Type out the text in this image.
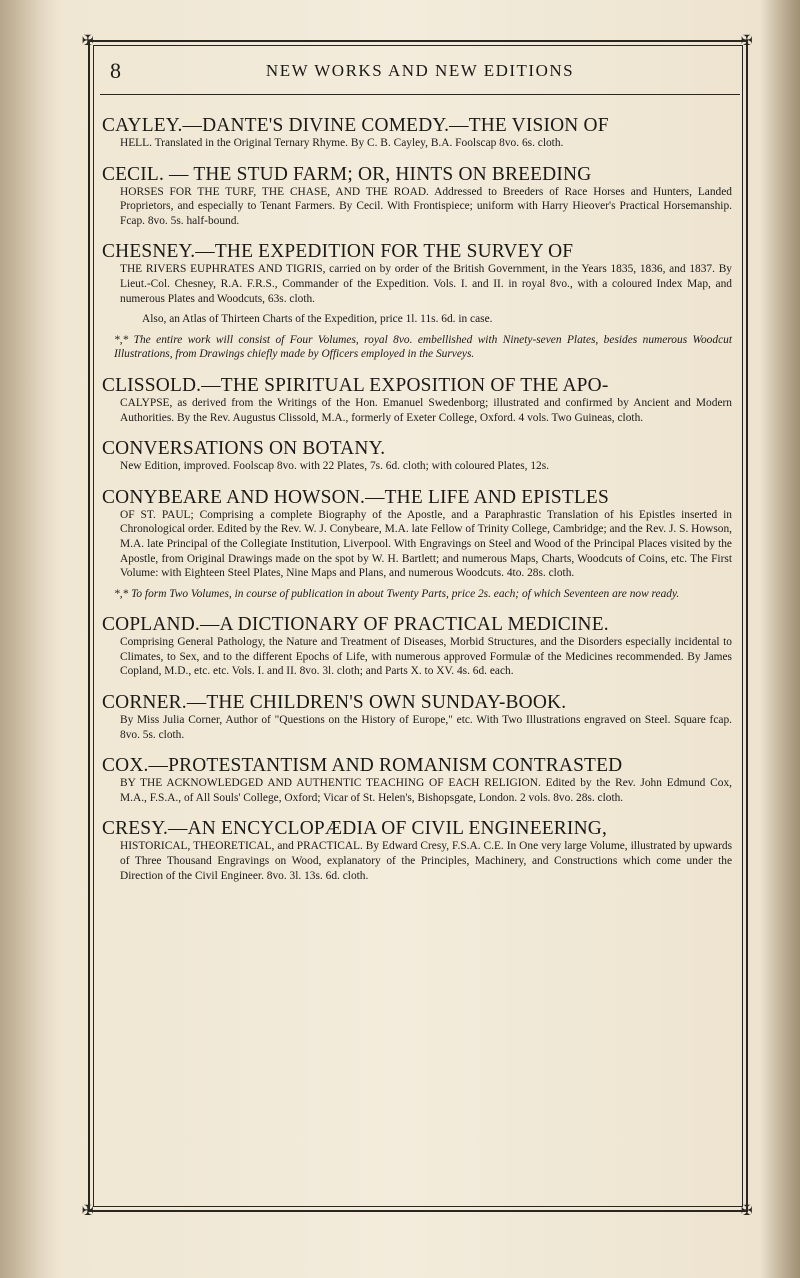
✠	✠
✠	✠
8	NEW WORKS AND NEW EDITIONS
CAYLEY.—DANTE'S DIVINE COMEDY.—THE VISION OF
HELL. Translated in the Original Ternary Rhyme. By C. B. Cayley, B.A. Foolscap 8vo. 6s. cloth.
CECIL. — THE STUD FARM; OR, HINTS ON BREEDING
HORSES FOR THE TURF, THE CHASE, AND THE ROAD. Addressed to Breeders of Race Horses and Hunters, Landed Proprietors, and especially to Tenant Farmers. By Cecil. With Frontispiece; uniform with Harry Hieover's Practical Horsemanship. Fcap. 8vo. 5s. half-bound.
CHESNEY.—THE EXPEDITION FOR THE SURVEY OF
THE RIVERS EUPHRATES AND TIGRIS, carried on by order of the British Government, in the Years 1835, 1836, and 1837. By Lieut.-Col. Chesney, R.A. F.R.S., Commander of the Expedition. Vols. I. and II. in royal 8vo., with a coloured Index Map, and numerous Plates and Woodcuts, 63s. cloth.
Also, an Atlas of Thirteen Charts of the Expedition, price 1l. 11s. 6d. in case.
*,* The entire work will consist of Four Volumes, royal 8vo. embellished with Ninety-seven Plates, besides numerous Woodcut Illustrations, from Drawings chiefly made by Officers employed in the Surveys.
CLISSOLD.—THE SPIRITUAL EXPOSITION OF THE APO-
CALYPSE, as derived from the Writings of the Hon. Emanuel Swedenborg; illustrated and confirmed by Ancient and Modern Authorities. By the Rev. Augustus Clissold, M.A., formerly of Exeter College, Oxford. 4 vols. Two Guineas, cloth.
CONVERSATIONS ON BOTANY.
New Edition, improved. Foolscap 8vo. with 22 Plates, 7s. 6d. cloth; with coloured Plates, 12s.
CONYBEARE AND HOWSON.—THE LIFE AND EPISTLES
OF ST. PAUL; Comprising a complete Biography of the Apostle, and a Paraphrastic Translation of his Epistles inserted in Chronological order. Edited by the Rev. W. J. Conybeare, M.A. late Fellow of Trinity College, Cambridge; and the Rev. J. S. Howson, M.A. late Principal of the Collegiate Institution, Liverpool. With Engravings on Steel and Wood of the Principal Places visited by the Apostle, from Original Drawings made on the spot by W. H. Bartlett; and numerous Maps, Charts, Woodcuts of Coins, etc. The First Volume: with Eighteen Steel Plates, Nine Maps and Plans, and numerous Woodcuts. 4to. 28s. cloth.
*,* To form Two Volumes, in course of publication in about Twenty Parts, price 2s. each; of which Seventeen are now ready.
COPLAND.—A DICTIONARY OF PRACTICAL MEDICINE.
Comprising General Pathology, the Nature and Treatment of Diseases, Morbid Structures, and the Disorders especially incidental to Climates, to Sex, and to the different Epochs of Life, with numerous approved Formulæ of the Medicines recommended. By James Copland, M.D., etc. etc. Vols. I. and II. 8vo. 3l. cloth; and Parts X. to XV. 4s. 6d. each.
CORNER.—THE CHILDREN'S OWN SUNDAY-BOOK.
By Miss Julia Corner, Author of "Questions on the History of Europe," etc. With Two Illustrations engraved on Steel. Square fcap. 8vo. 5s. cloth.
COX.—PROTESTANTISM AND ROMANISM CONTRASTED
BY THE ACKNOWLEDGED AND AUTHENTIC TEACHING OF EACH RELIGION. Edited by the Rev. John Edmund Cox, M.A., F.S.A., of All Souls' College, Oxford; Vicar of St. Helen's, Bishopsgate, London. 2 vols. 8vo. 28s. cloth.
CRESY.—AN ENCYCLOPÆDIA OF CIVIL ENGINEERING,
HISTORICAL, THEORETICAL, and PRACTICAL. By Edward Cresy, F.S.A. C.E. In One very large Volume, illustrated by upwards of Three Thousand Engravings on Wood, explanatory of the Principles, Machinery, and Constructions which come under the Direction of the Civil Engineer. 8vo. 3l. 13s. 6d. cloth.
